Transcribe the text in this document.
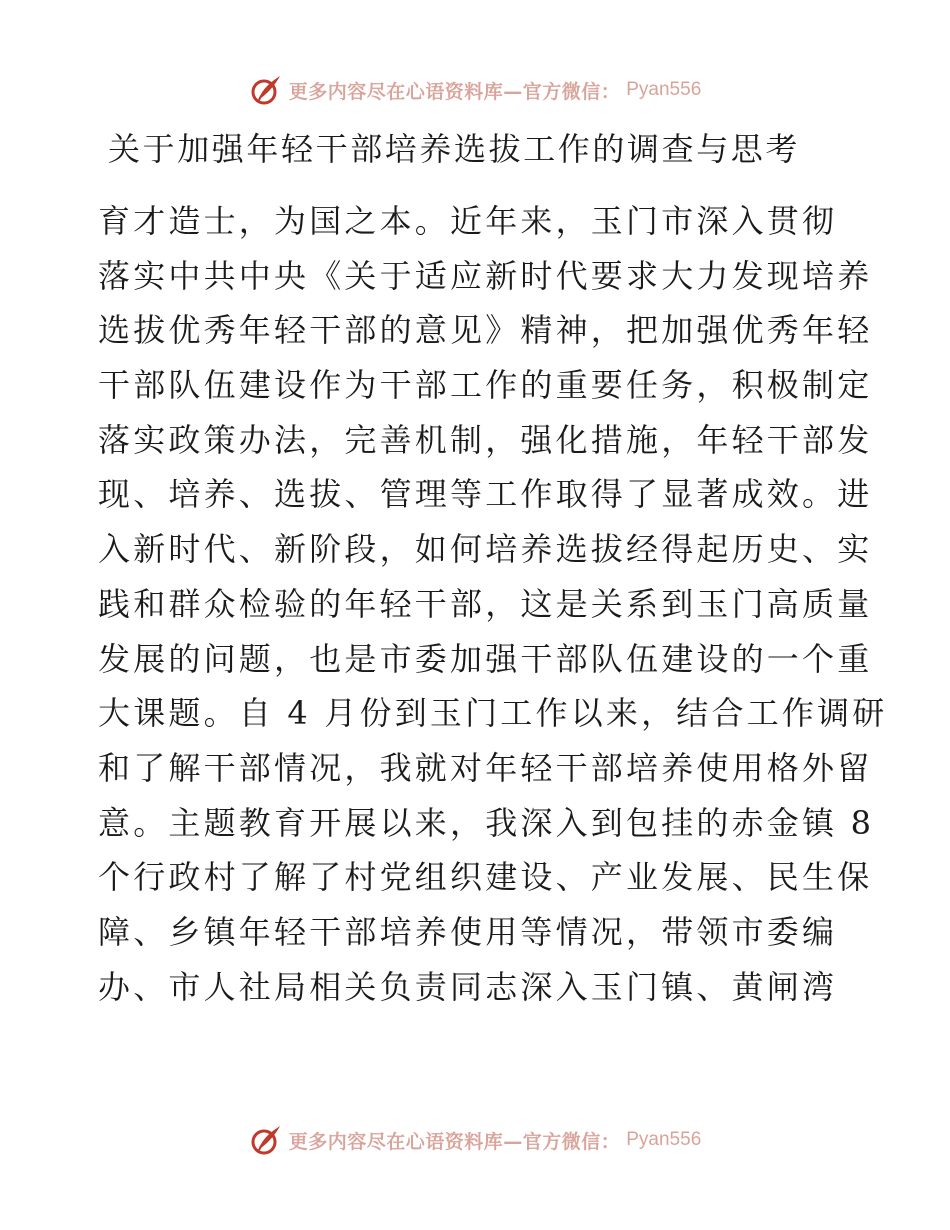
更多内容尽在心语资料库—官方微信： Pyan556
关于加强年轻干部培养选拔工作的调查与思考
育才造士，为国之本。近年来，玉门市深入贯彻
落实中共中央《关于适应新时代要求大力发现培养
选拔优秀年轻干部的意见》精神，把加强优秀年轻
干部队伍建设作为干部工作的重要任务，积极制定
落实政策办法，完善机制，强化措施，年轻干部发
现、培养、选拔、管理等工作取得了显著成效。进
入新时代、新阶段，如何培养选拔经得起历史、实
践和群众检验的年轻干部，这是关系到玉门高质量
发展的问题，也是市委加强干部队伍建设的一个重
大课题。自 4 月份到玉门工作以来，结合工作调研
和了解干部情况，我就对年轻干部培养使用格外留
意。主题教育开展以来，我深入到包挂的赤金镇 8
个行政村了解了村党组织建设、产业发展、民生保
障、乡镇年轻干部培养使用等情况，带领市委编
办、市人社局相关负责同志深入玉门镇、黄闸湾
更多内容尽在心语资料库—官方微信： Pyan556
